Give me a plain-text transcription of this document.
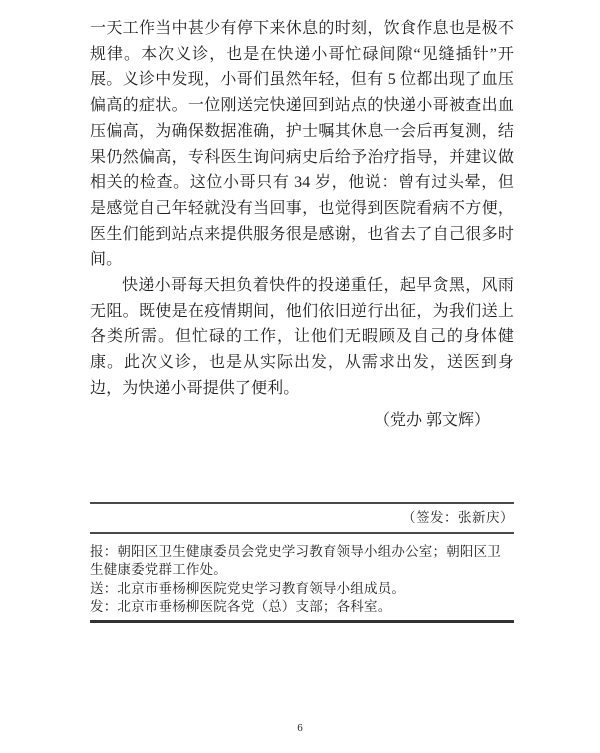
一天工作当中甚少有停下来休息的时刻，饮食作息也是极不规律。本次义诊，也是在快递小哥忙碌间隙“见缝插针”开展。义诊中发现，小哥们虽然年轻，但有 5 位都出现了血压偏高的症状。一位刚送完快递回到站点的快递小哥被查出血压偏高，为确保数据准确，护士嘱其休息一会后再复测，结果仍然偏高，专科医生询问病史后给予治疗指导，并建议做相关的检查。这位小哥只有 34 岁，他说：曾有过头晕，但是感觉自己年轻就没有当回事，也觉得到医院看病不方便，医生们能到站点来提供服务很是感谢，也省去了自己很多时间。

快递小哥每天担负着快件的投递重任，起早贪黑，风雨无阻。既使是在疫情期间，他们依旧逆行出征，为我们送上各类所需。但忙碌的工作，让他们无暇顾及自己的身体健康。此次义诊，也是从实际出发，从需求出发，送医到身边，为快递小哥提供了便利。

（党办 郭文辉）

（签发：张新庆）

报：朝阳区卫生健康委员会党史学习教育领导小组办公室；朝阳区卫生健康委党群工作处。

送：北京市垂杨柳医院党史学习教育领导小组成员。

发：北京市垂杨柳医院各党（总）支部；各科室。

6
